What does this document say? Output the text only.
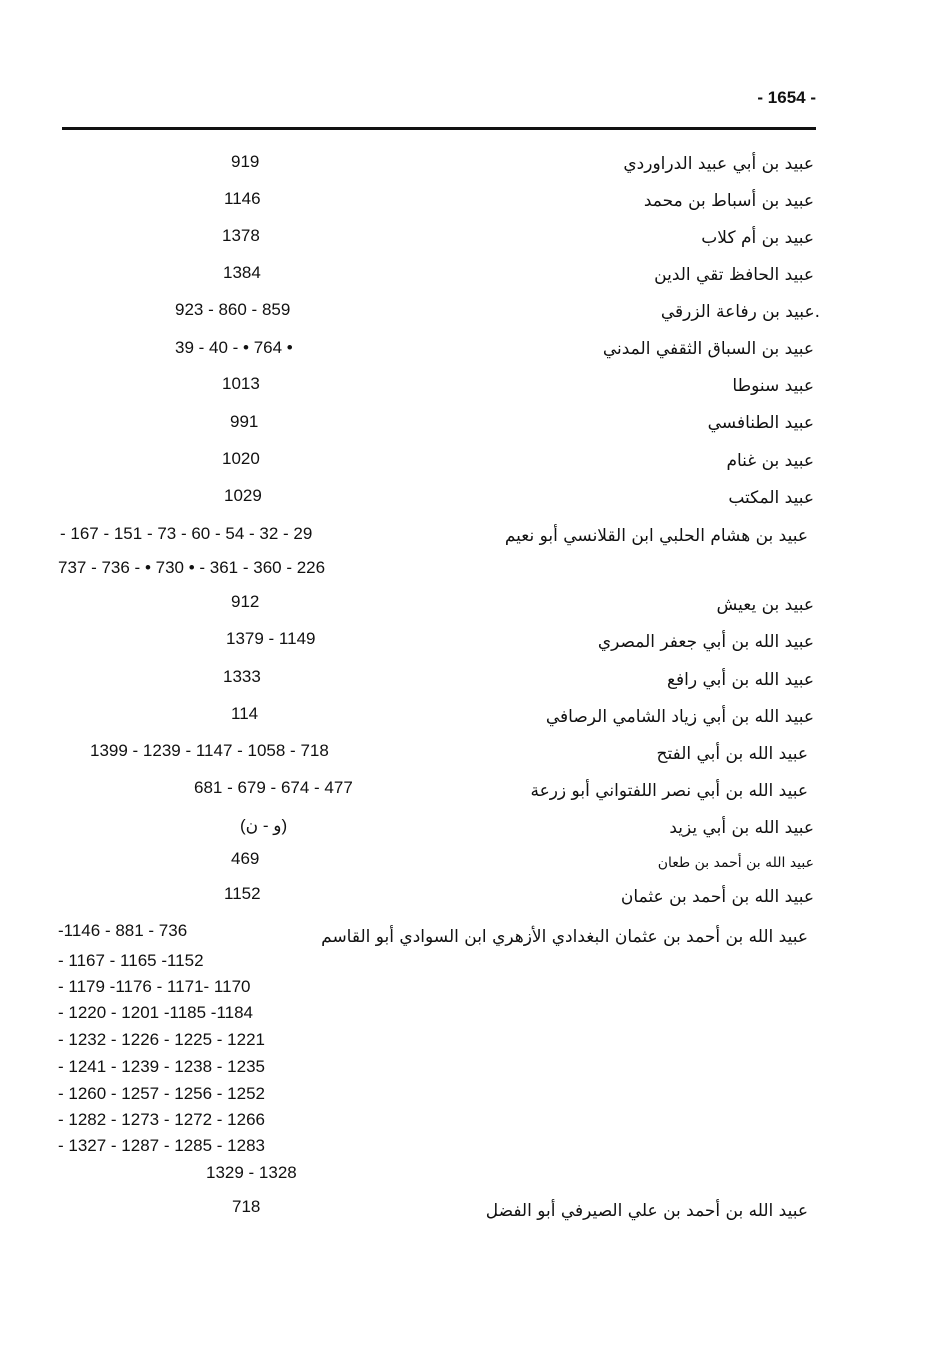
- 1654 -
عبيد بن أبي عبيد الدراوردي
919
عبيد بن أسباط بن محمد
1146
عبيد بن أم كلاب
1378
عبيد الحافظ تقي الدين
1384
.عبيد بن رفاعة الزرقي
923 - 860 - 859
عبيد بن السباق الثقفي المدني
39 - 40 - • 764 •
عبيد سنوطا
1013
عبيد الطنافسي
991
عبيد بن غنام
1020
عبيد المكتب
1029
عبيد بن هشام الحلبي ابن القلانسي أبو نعيم
- 167 - 151 - 73 - 60 - 54 - 32 - 29
737 - 736 - • 730 • - 361 - 360 - 226
عبيد بن يعيش
912
عبيد الله بن أبي جعفر المصري
1379 - 1149
عبيد الله بن أبي رافع
1333
عبيد الله بن أبي زياد الشامي الرصافي
114
عبيد الله بن أبي الفتح
1399 - 1239 - 1147 - 1058 - 718
عبيد الله بن أبي نصر اللفتواني أبو زرعة
681 - 679 - 674 - 477
عبيد الله بن أبي يزيد
(و - ن)
عبيد الله بن أحمد بن طعان
469
عبيد الله بن أحمد بن عثمان
1152
عبيد الله بن أحمد بن عثمان البغدادي الأزهري ابن السوادي أبو القاسم
-1146 - 881 - 736
- 1167 - 1165 -1152
- 1179 -1176 - 1171- 1170
- 1220 - 1201 -1185 -1184
- 1232 - 1226 - 1225 - 1221
- 1241 - 1239 - 1238 - 1235
- 1260 - 1257 - 1256 - 1252
- 1282 - 1273 - 1272 - 1266
- 1327 - 1287 - 1285 - 1283
1329 - 1328
عبيد الله بن أحمد بن علي الصيرفي أبو الفضل
718
